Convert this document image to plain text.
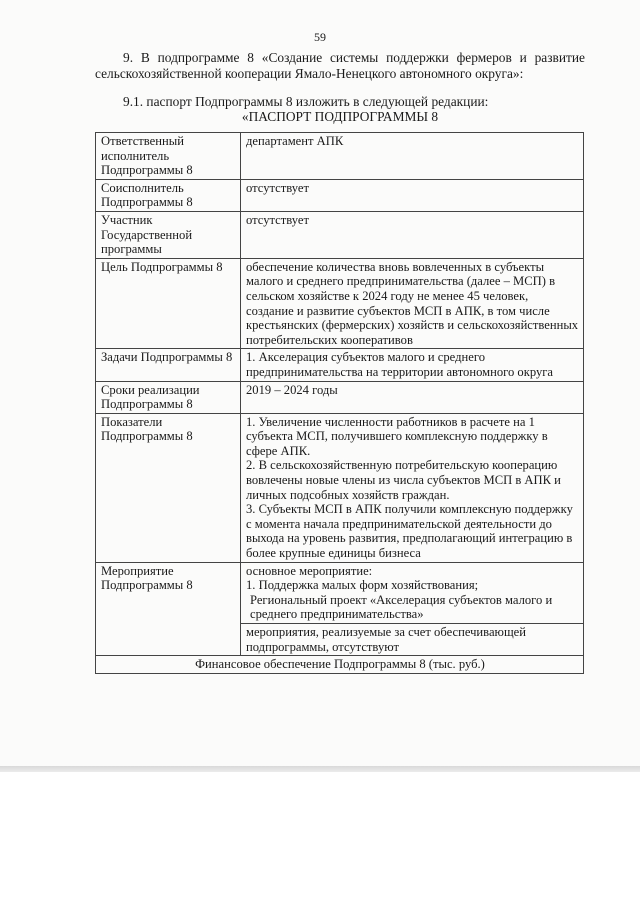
59
9. В подпрограмме 8 «Создание системы поддержки фермеров и развитие сельскохозяйственной кооперации Ямало-Ненецкого автономного округа»:
9.1. паспорт Подпрограммы 8 изложить в следующей редакции:
«ПАСПОРТ ПОДПРОГРАММЫ 8
Ответственный исполнитель Подпрограммы 8	департамент АПК
Соисполнитель Подпрограммы 8	отсутствует
Участник Государственной программы	отсутствует
Цель Подпрограммы 8	обеспечение количества вновь вовлеченных в субъекты малого и среднего предпринимательства (далее – МСП) в сельском хозяйстве к 2024 году не менее 45 человек, создание и развитие субъектов МСП в АПК, в том числе крестьянских (фермерских) хозяйств и сельскохозяйственных потребительских кооперативов
Задачи Подпрограммы 8	1. Акселерация субъектов малого и среднего предпринимательства на территории автономного округа
Сроки реализации Подпрограммы 8	2019 – 2024 годы
Показатели Подпрограммы 8	1. Увеличение численности работников в расчете на 1 субъекта МСП, получившего комплексную поддержку в сфере АПК.
2. В сельскохозяйственную потребительскую кооперацию вовлечены новые члены из числа субъектов МСП в АПК и личных подсобных хозяйств граждан.
3. Субъекты МСП в АПК получили комплексную поддержку с момента начала предпринимательской деятельности до выхода на уровень развития, предполагающий интеграцию в более крупные единицы бизнеса

Мероприятие Подпрограммы 8	основное мероприятие:
1. Поддержка малых форм хозяйствования;
Региональный проект «Акселерация субъектов малого и среднего предпринимательства»

	мероприятия, реализуемые за счет обеспечивающей подпрограммы, отсутствуют
Финансовое обеспечение Подпрограммы 8 (тыс. руб.)	
